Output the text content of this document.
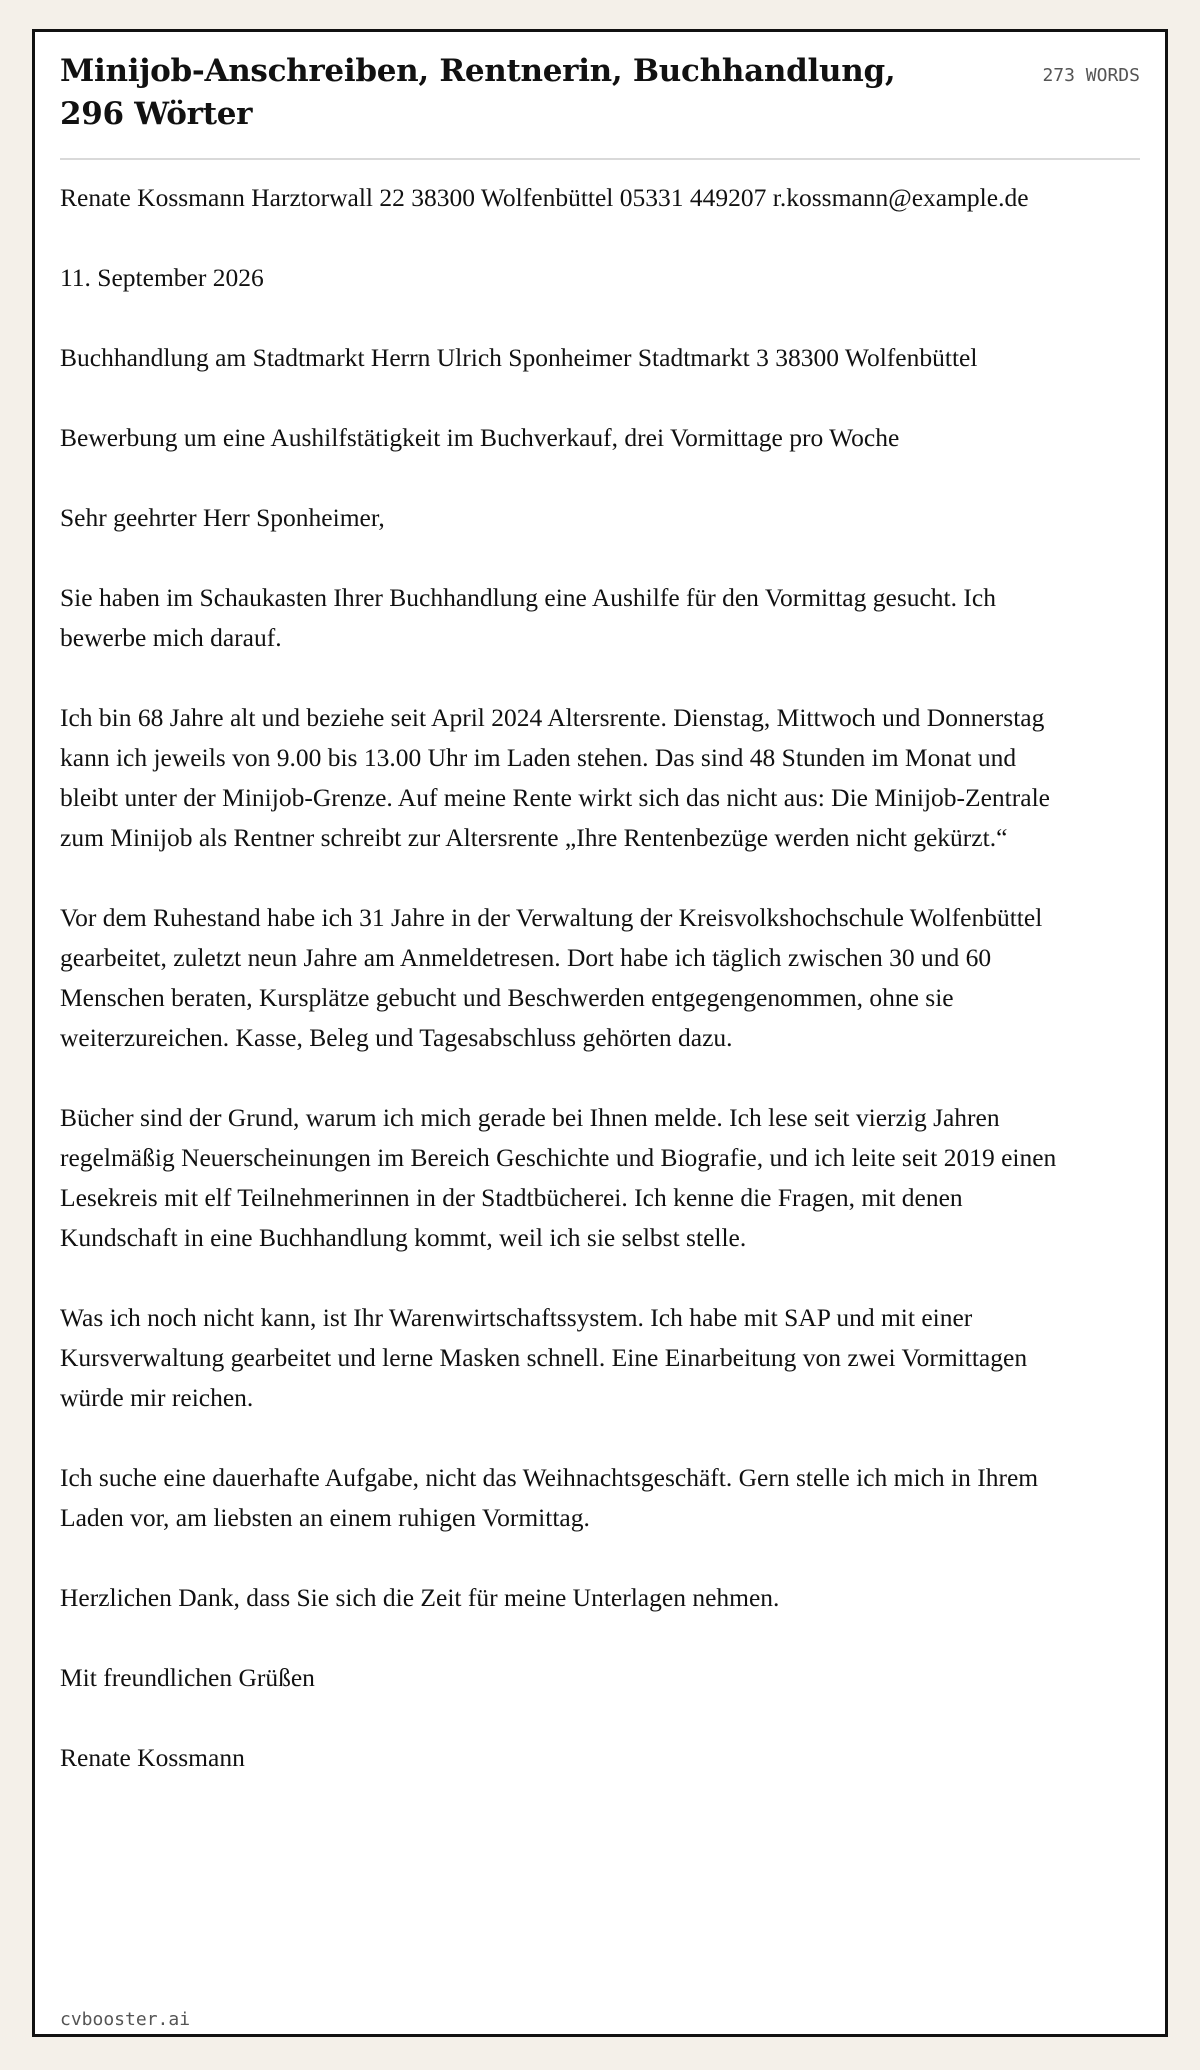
Minijob-Anschreiben, Rentnerin, Buchhandlung, 296 Wörter
273 WORDS

Renate Kossmann Harztorwall 22 38300 Wolfenbüttel 05331 449207 r.kossmann@example.de

11. September 2026

Buchhandlung am Stadtmarkt Herrn Ulrich Sponheimer Stadtmarkt 3 38300 Wolfenbüttel

Bewerbung um eine Aushilfstätigkeit im Buchverkauf, drei Vormittage pro Woche

Sehr geehrter Herr Sponheimer,

Sie haben im Schaukasten Ihrer Buchhandlung eine Aushilfe für den Vormittag gesucht. Ich bewerbe mich darauf.

Ich bin 68 Jahre alt und beziehe seit April 2024 Altersrente. Dienstag, Mittwoch und Donnerstag kann ich jeweils von 9.00 bis 13.00 Uhr im Laden stehen. Das sind 48 Stunden im Monat und bleibt unter der Minijob-Grenze. Auf meine Rente wirkt sich das nicht aus: Die Minijob-Zentrale zum Minijob als Rentner schreibt zur Altersrente „Ihre Rentenbezüge werden nicht gekürzt.“

Vor dem Ruhestand habe ich 31 Jahre in der Verwaltung der Kreisvolkshochschule Wolfenbüttel gearbeitet, zuletzt neun Jahre am Anmeldetresen. Dort habe ich täglich zwischen 30 und 60 Menschen beraten, Kursplätze gebucht und Beschwerden entgegengenommen, ohne sie weiterzureichen. Kasse, Beleg und Tagesabschluss gehörten dazu.

Bücher sind der Grund, warum ich mich gerade bei Ihnen melde. Ich lese seit vierzig Jahren regelmäßig Neuerscheinungen im Bereich Geschichte und Biografie, und ich leite seit 2019 einen Lesekreis mit elf Teilnehmerinnen in der Stadtbücherei. Ich kenne die Fragen, mit denen Kundschaft in eine Buchhandlung kommt, weil ich sie selbst stelle.

Was ich noch nicht kann, ist Ihr Warenwirtschaftssystem. Ich habe mit SAP und mit einer Kursverwaltung gearbeitet und lerne Masken schnell. Eine Einarbeitung von zwei Vormittagen würde mir reichen.

Ich suche eine dauerhafte Aufgabe, nicht das Weihnachtsgeschäft. Gern stelle ich mich in Ihrem Laden vor, am liebsten an einem ruhigen Vormittag.

Herzlichen Dank, dass Sie sich die Zeit für meine Unterlagen nehmen.

Mit freundlichen Grüßen

Renate Kossmann

cvbooster.ai
